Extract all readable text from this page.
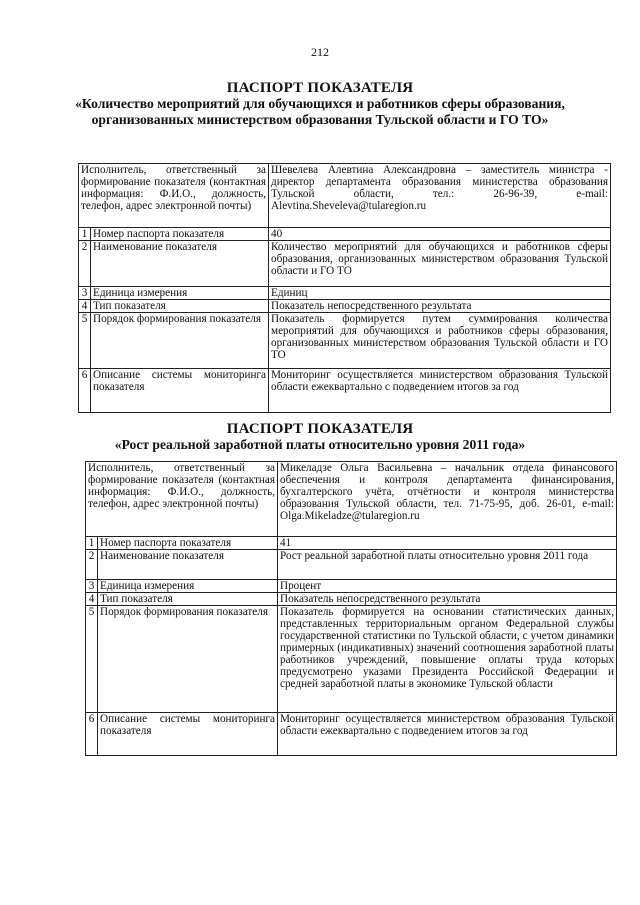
212
ПАСПОРТ ПОКАЗАТЕЛЯ
«Количество мероприятий для обучающихся и работников сферы образования, организованных министерством образования Тульской области и ГО ТО»
Исполнитель, ответственный за формирование показателя (контактная информация: Ф.И.О., должность, телефон, адрес электронной почты)		Шевелева Алевтина Александровна – заместитель министра - директор департамента образования министерства образования Тульской области, тел.: 26-96-39, e-mail: Alevtina.Sheveleva@tularegion.ru
1	Номер паспорта показателя	40
2	Наименование показателя	Количество мероприятий для обучающихся и работников сферы образования, организованных министерством образования Тульской области и ГО ТО
3	Единица измерения	Единиц
4	Тип показателя	Показатель непосредственного результата
5	Порядок формирования показателя	Показатель формируется путем суммирования количества мероприятий для обучающихся и работников сферы образования, организованных министерством образования Тульской области и ГО ТО
6	Описание системы мониторинга показателя	Мониторинг осуществляется министерством образования Тульской области ежеквартально с подведением итогов за год
ПАСПОРТ ПОКАЗАТЕЛЯ
«Рост реальной заработной платы относительно уровня 2011 года»
Исполнитель, ответственный за формирование показателя (контактная информация: Ф.И.О., должность, телефон, адрес электронной почты)		Микеладзе Ольга Васильевна – начальник отдела финансового обеспечения и контроля департамента финансирования, бухгалтерского учёта, отчётности и контроля министерства образования Тульской области, тел. 71-75-95, доб. 26-01, e-mail: Olga.Mikeladze@tularegion.ru
1	Номер паспорта показателя	41
2	Наименование показателя	Рост реальной заработной платы относительно уровня 2011 года
3	Единица измерения	Процент
4	Тип показателя	Показатель непосредственного результата
5	Порядок формирования показателя	Показатель формируется на основании статистических данных, представленных территориальным органом Федеральной службы государственной статистики по Тульской области, с учетом динамики примерных (индикативных) значений соотношения заработной платы работников учреждений, повышение оплаты труда которых предусмотрено указами Президента Российской Федерации и средней заработной платы в экономике Тульской области
6	Описание системы мониторинга показателя	Мониторинг осуществляется министерством образования Тульской области ежеквартально с подведением итогов за год
